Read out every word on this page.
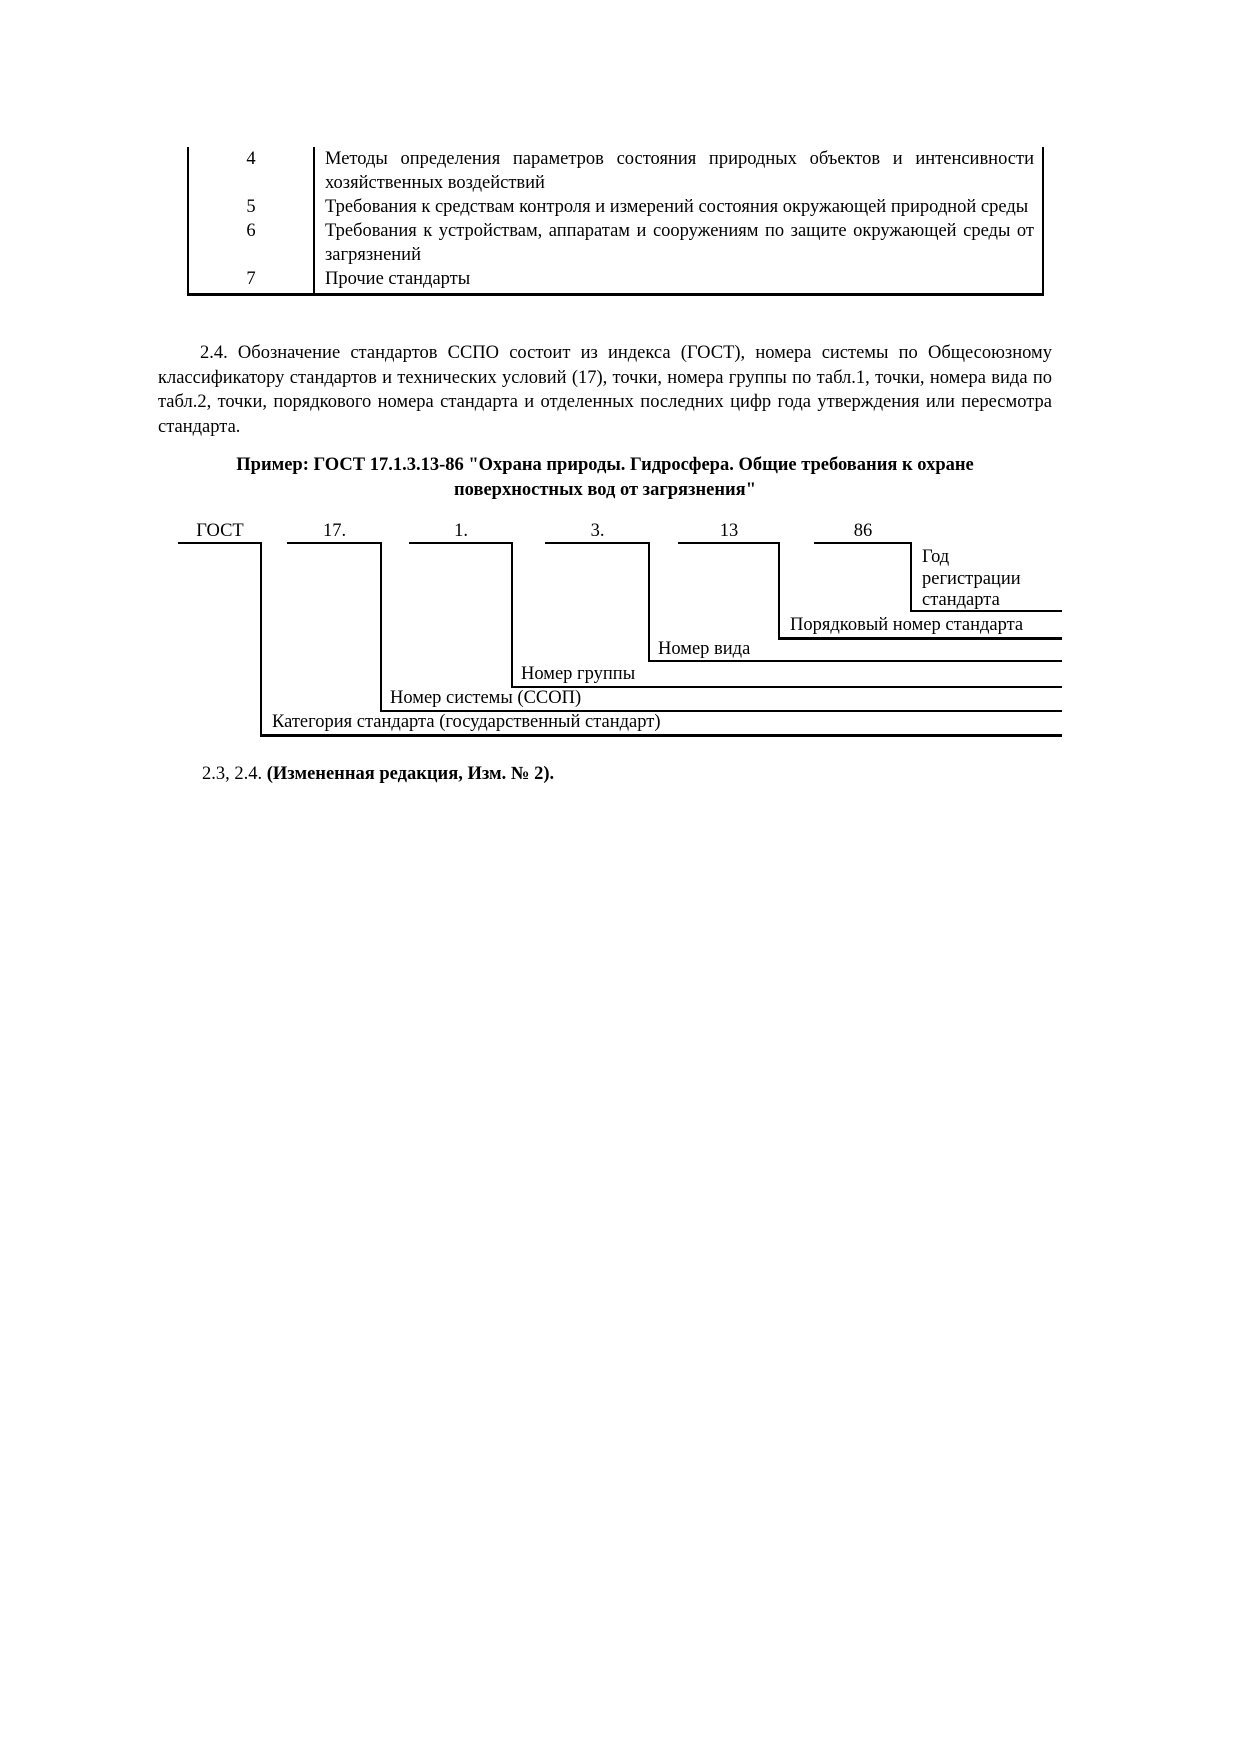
4	Методы определения параметров состояния природных объектов и интенсивности хозяйственных воздействий
5	Требования к средствам контроля и измерений состояния окружающей природной среды
6	Требования к устройствам, аппаратам и сооружениям по защите окружающей среды от загрязнений
7	Прочие стандарты

2.4. Обозначение стандартов ССПО состоит из индекса (ГОСТ), номера системы по Общесоюзному классификатору стандартов и технических условий (17), точки, номера группы по табл.1, точки, номера вида по табл.2, точки, порядкового номера стандарта и отделенных последних цифр года утверждения или пересмотра стандарта.

Пример: ГОСТ 17.1.3.13-86 "Охрана природы. Гидросфера. Общие требования к охране
поверхностных вод от загрязнения"
ГОСТ	17.	1.	3.	13	86
Год
регистрации
стандарта
Порядковый номер стандарта
Номер вида
Номер группы
Номер системы (ССОП)
Категория стандарта (государственный стандарт)

2.3, 2.4. (Измененная редакция, Изм. № 2).
